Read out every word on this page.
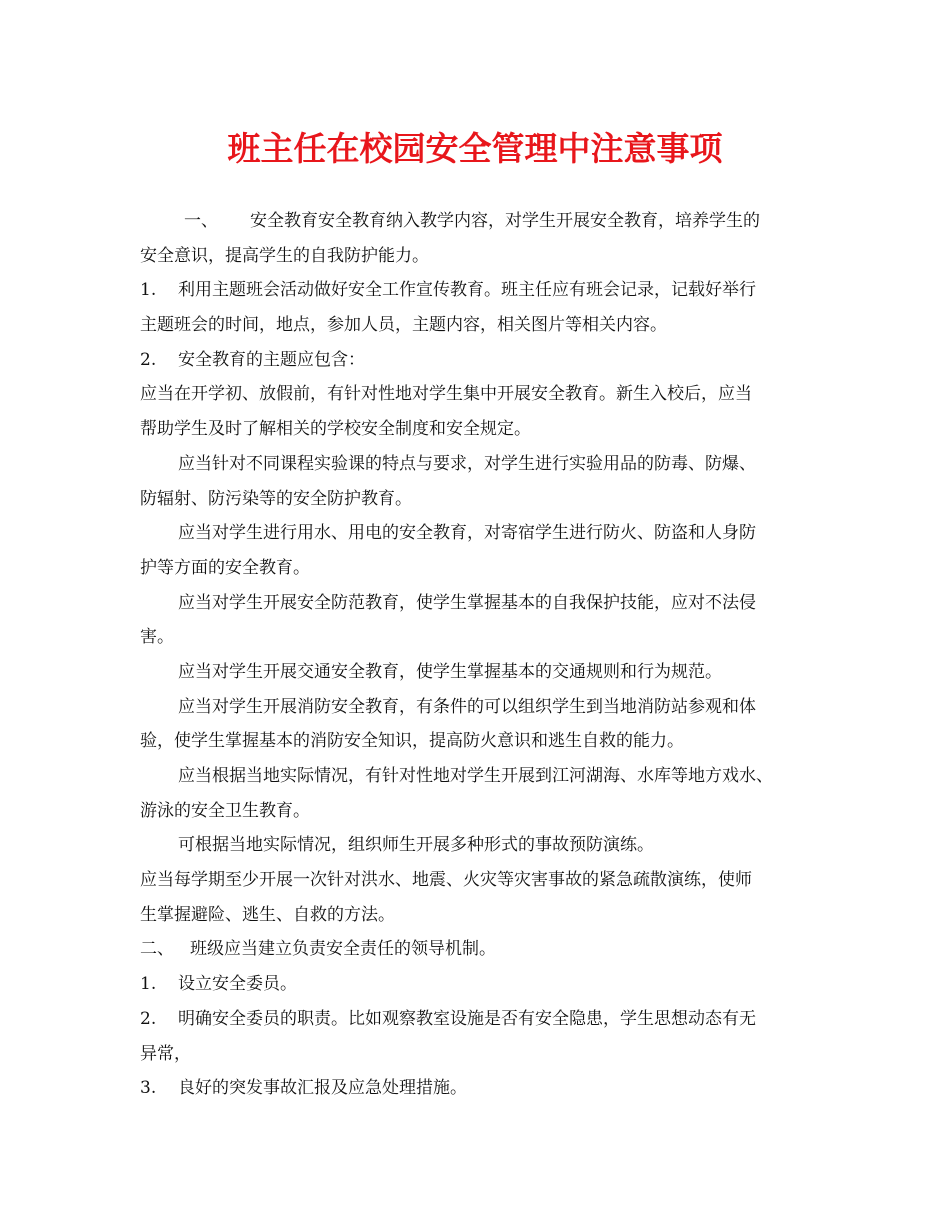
班主任在校园安全管理中注意事项
一、 安全教育安全教育纳入教学内容，对学生开展安全教育，培养学生的
安全意识，提高学生的自我防护能力。
1. 利用主题班会活动做好安全工作宣传教育。班主任应有班会记录，记载好举行
主题班会的时间，地点，参加人员，主题内容，相关图片等相关内容。
2. 安全教育的主题应包含：
应当在开学初、放假前，有针对性地对学生集中开展安全教育。新生入校后，应当
帮助学生及时了解相关的学校安全制度和安全规定。
应当针对不同课程实验课的特点与要求，对学生进行实验用品的防毒、防爆、
防辐射、防污染等的安全防护教育。
应当对学生进行用水、用电的安全教育，对寄宿学生进行防火、防盗和人身防
护等方面的安全教育。
应当对学生开展安全防范教育，使学生掌握基本的自我保护技能，应对不法侵
害。
应当对学生开展交通安全教育，使学生掌握基本的交通规则和行为规范。
应当对学生开展消防安全教育，有条件的可以组织学生到当地消防站参观和体
验，使学生掌握基本的消防安全知识，提高防火意识和逃生自救的能力。
应当根据当地实际情况，有针对性地对学生开展到江河湖海、水库等地方戏水、
游泳的安全卫生教育。
可根据当地实际情况，组织师生开展多种形式的事故预防演练。
应当每学期至少开展一次针对洪水、地震、火灾等灾害事故的紧急疏散演练，使师
生掌握避险、逃生、自救的方法。
二、 班级应当建立负责安全责任的领导机制。
1. 设立安全委员。
2. 明确安全委员的职责。比如观察教室设施是否有安全隐患，学生思想动态有无
异常，
3. 良好的突发事故汇报及应急处理措施。
